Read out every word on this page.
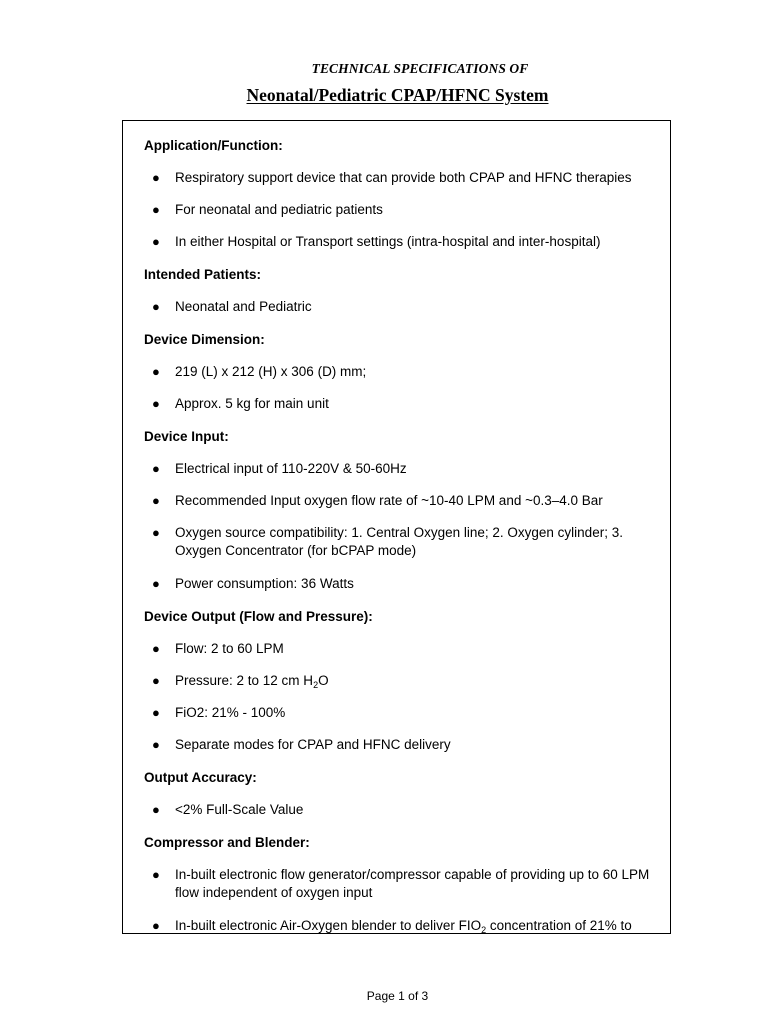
TECHNICAL SPECIFICATIONS OF
Neonatal/Pediatric CPAP/HFNC System
Application/Function:
● Respiratory support device that can provide both CPAP and HFNC therapies
● For neonatal and pediatric patients
● In either Hospital or Transport settings (intra-hospital and inter-hospital)
Intended Patients:
● Neonatal and Pediatric
Device Dimension:
● 219 (L) x 212 (H) x 306 (D) mm;
● Approx. 5 kg for main unit
Device Input:
● Electrical input of 110-220V & 50-60Hz
● Recommended Input oxygen flow rate of ~10-40 LPM and ~0.3–4.0 Bar
● Oxygen source compatibility: 1. Central Oxygen line; 2. Oxygen cylinder; 3. Oxygen Concentrator (for bCPAP mode)
● Power consumption: 36 Watts
Device Output (Flow and Pressure):
● Flow: 2 to 60 LPM
● Pressure: 2 to 12 cm $H_2O$
● FiO2: 21% - 100%
● Separate modes for CPAP and HFNC delivery
Output Accuracy:
● <2% Full-Scale Value
Compressor and Blender:
● In-built electronic flow generator/compressor capable of providing up to 60 LPM flow independent of oxygen input
● In-built electronic Air-Oxygen blender to deliver $FIO_2$ concentration of 21% to
Page 1 of 3
